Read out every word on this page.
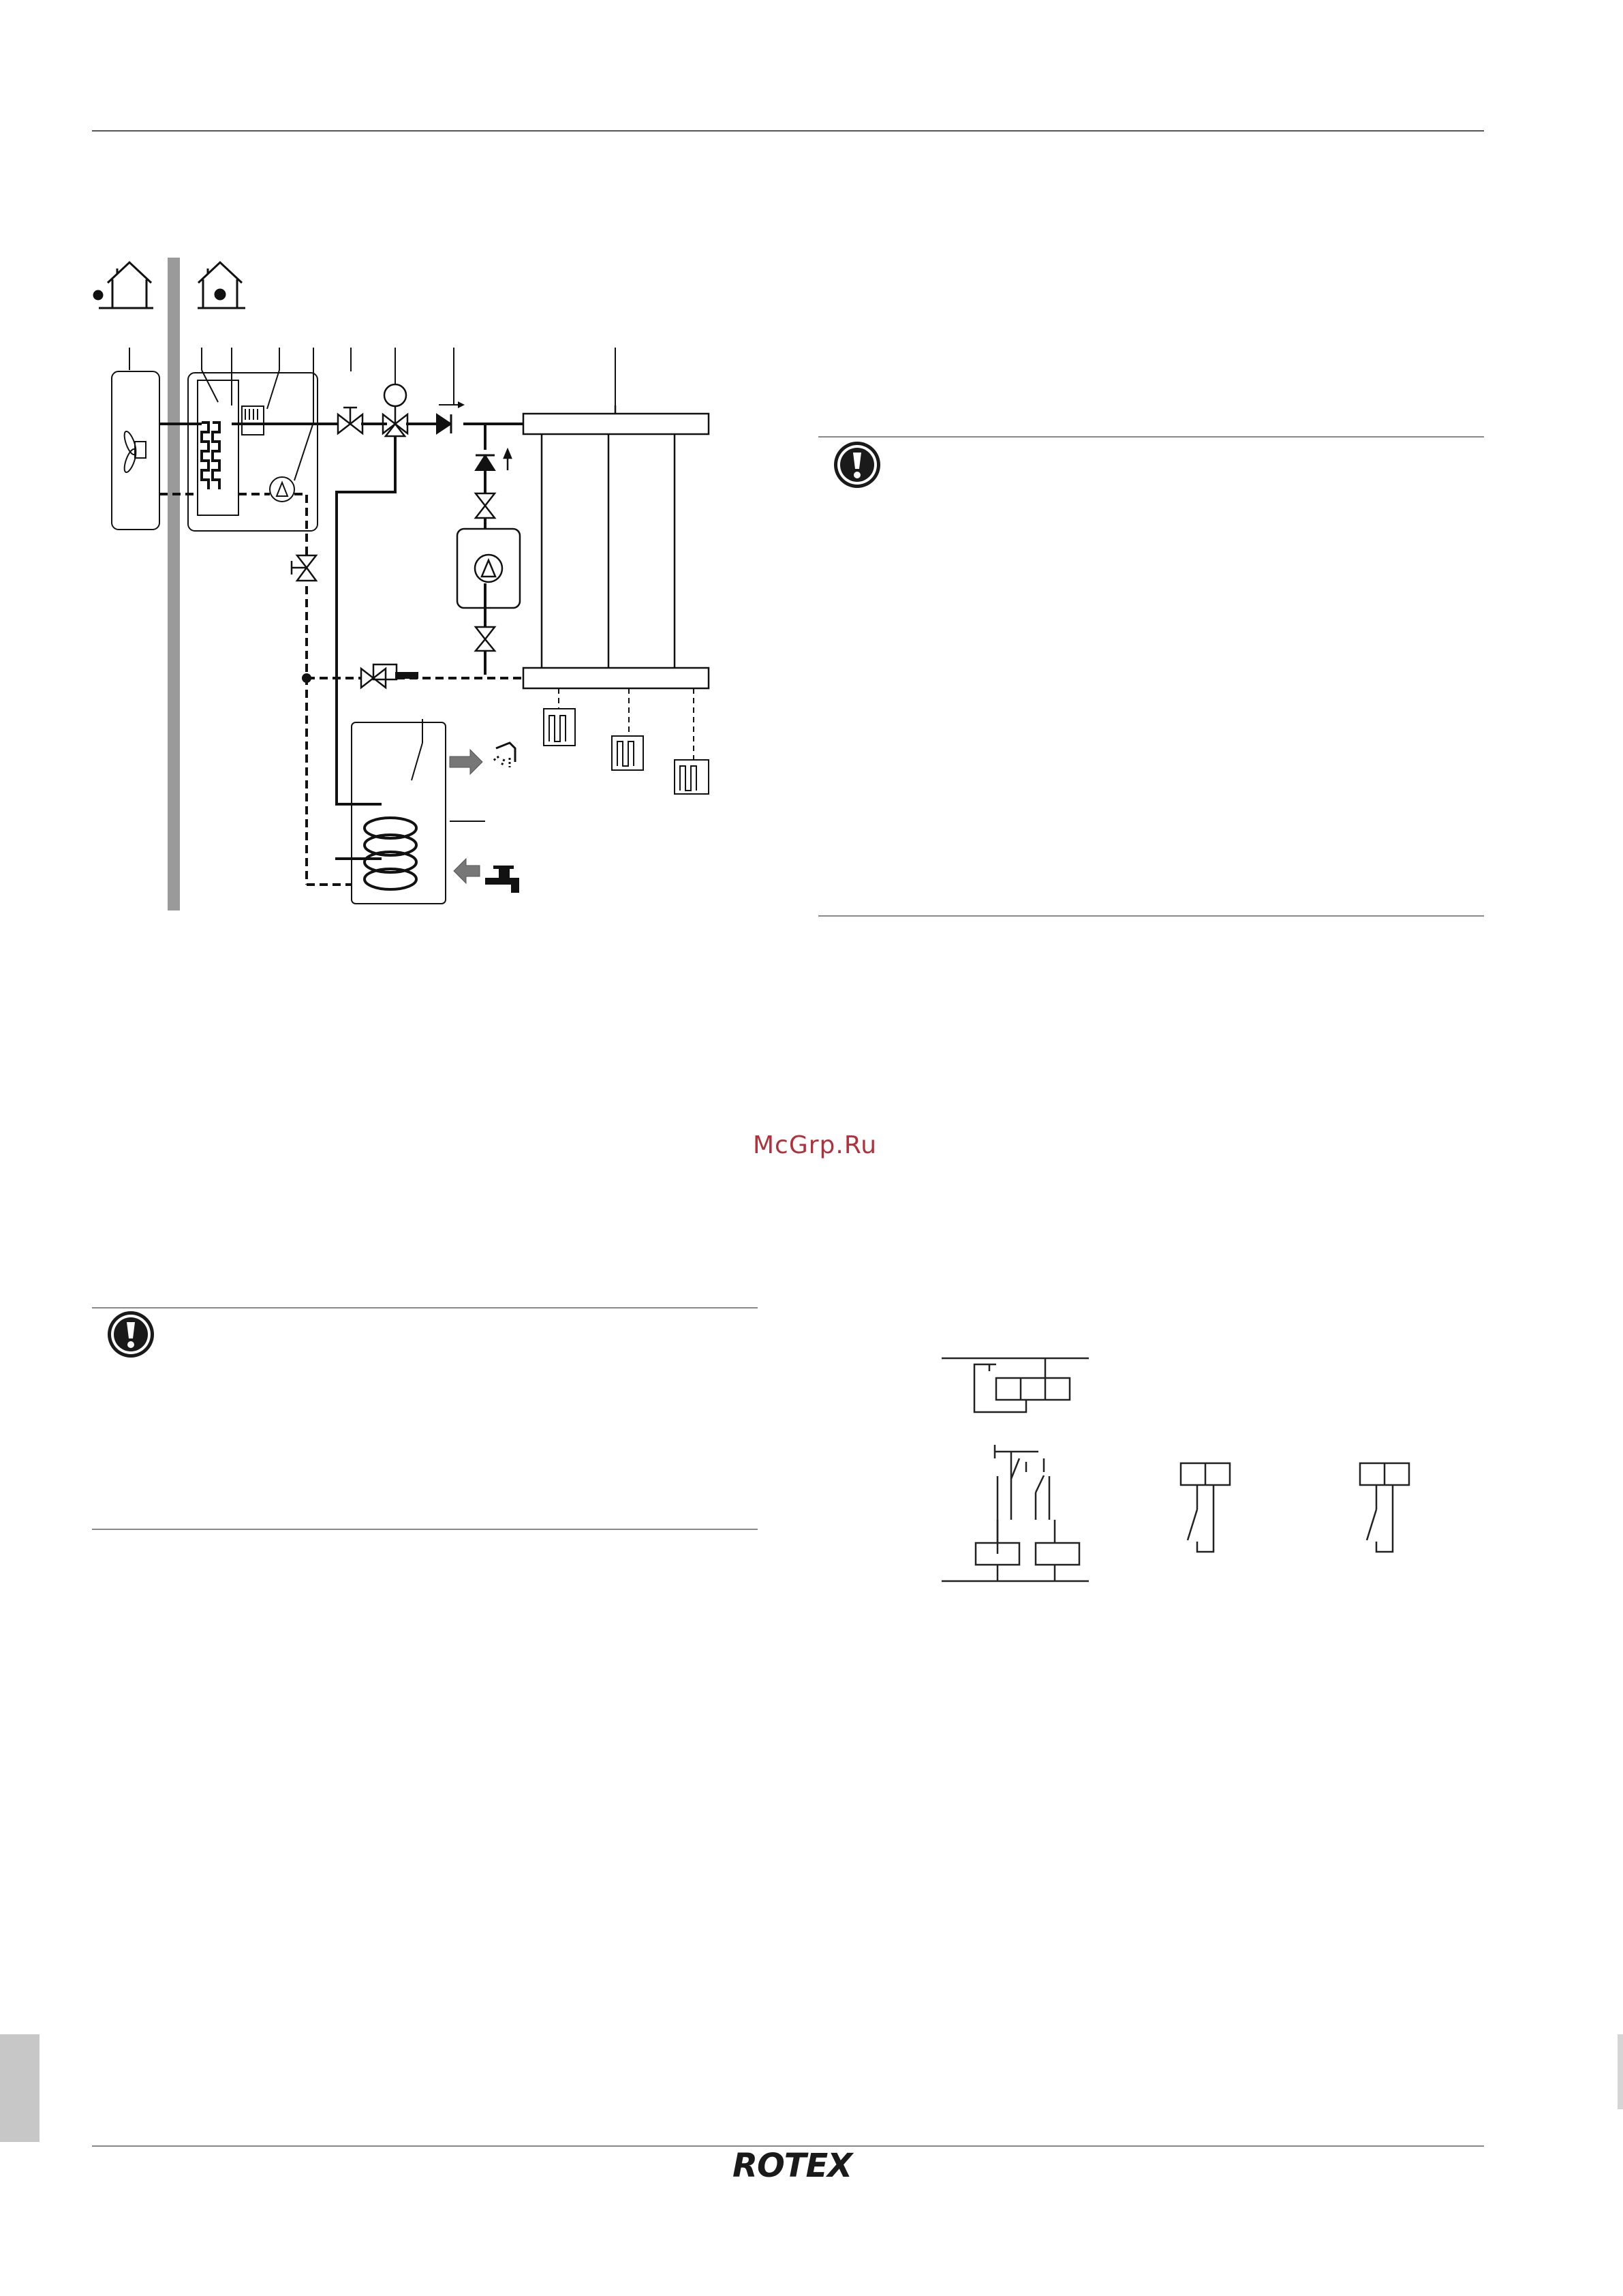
McGrp.Ru
ROTEX
